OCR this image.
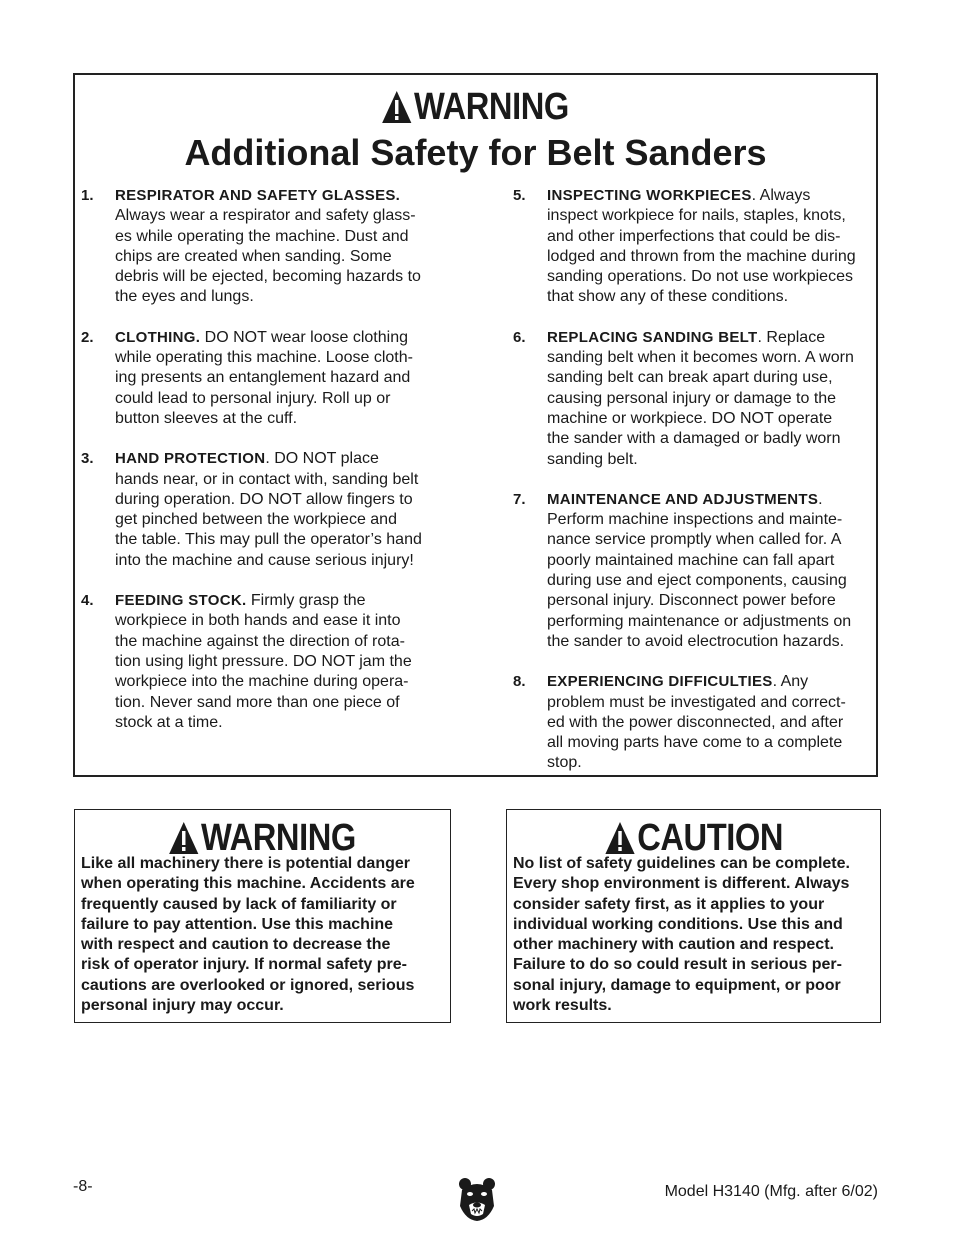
WARNING
Additional Safety for Belt Sanders
1.	RESPIRATOR AND SAFETY GLASSES.
Always wear a respirator and safety glass-
es while operating the machine. Dust and
chips are created when sanding. Some
debris will be ejected, becoming hazards to
the eyes and lungs.
2.	CLOTHING. DO NOT wear loose clothing
while operating this machine. Loose cloth-
ing presents an entanglement hazard and
could lead to personal injury. Roll up or
button sleeves at the cuff.
3.	HAND PROTECTION. DO NOT place
hands near, or in contact with, sanding belt
during operation. DO NOT allow fingers to
get pinched between the workpiece and
the table. This may pull the operator’s hand
into the machine and cause serious injury!
4.	FEEDING STOCK. Firmly grasp the
workpiece in both hands and ease it into
the machine against the direction of rota-
tion using light pressure. DO NOT jam the
workpiece into the machine during opera-
tion. Never sand more than one piece of
stock at a time.
5.	INSPECTING WORKPIECES. Always
inspect workpiece for nails, staples, knots,
and other imperfections that could be dis-
lodged and thrown from the machine during
sanding operations. Do not use workpieces
that show any of these conditions.
6.	REPLACING SANDING BELT. Replace
sanding belt when it becomes worn. A worn
sanding belt can break apart during use,
causing personal injury or damage to the
machine or workpiece. DO NOT operate
the sander with a damaged or badly worn
sanding belt.
7.	MAINTENANCE AND ADJUSTMENTS.
Perform machine inspections and mainte-
nance service promptly when called for. A
poorly maintained machine can fall apart
during use and eject components, causing
personal injury. Disconnect power before
performing maintenance or adjustments on
the sander to avoid electrocution hazards.
8.	EXPERIENCING DIFFICULTIES. Any
problem must be investigated and correct-
ed with the power disconnected, and after
all moving parts have come to a complete
stop.
WARNING
Like all machinery there is potential danger
when operating this machine. Accidents are
frequently caused by lack of familiarity or
failure to pay attention. Use this machine
with respect and caution to decrease the
risk of operator injury. If normal safety pre-
cautions are overlooked or ignored, serious
personal injury may occur.
CAUTION
No list of safety guidelines can be complete.
Every shop environment is different. Always
consider safety first, as it applies to your
individual working conditions. Use this and
other machinery with caution and respect.
Failure to do so could result in serious per-
sonal injury, damage to equipment, or poor
work results.
-8-	Model H3140 (Mfg. after 6/02)
